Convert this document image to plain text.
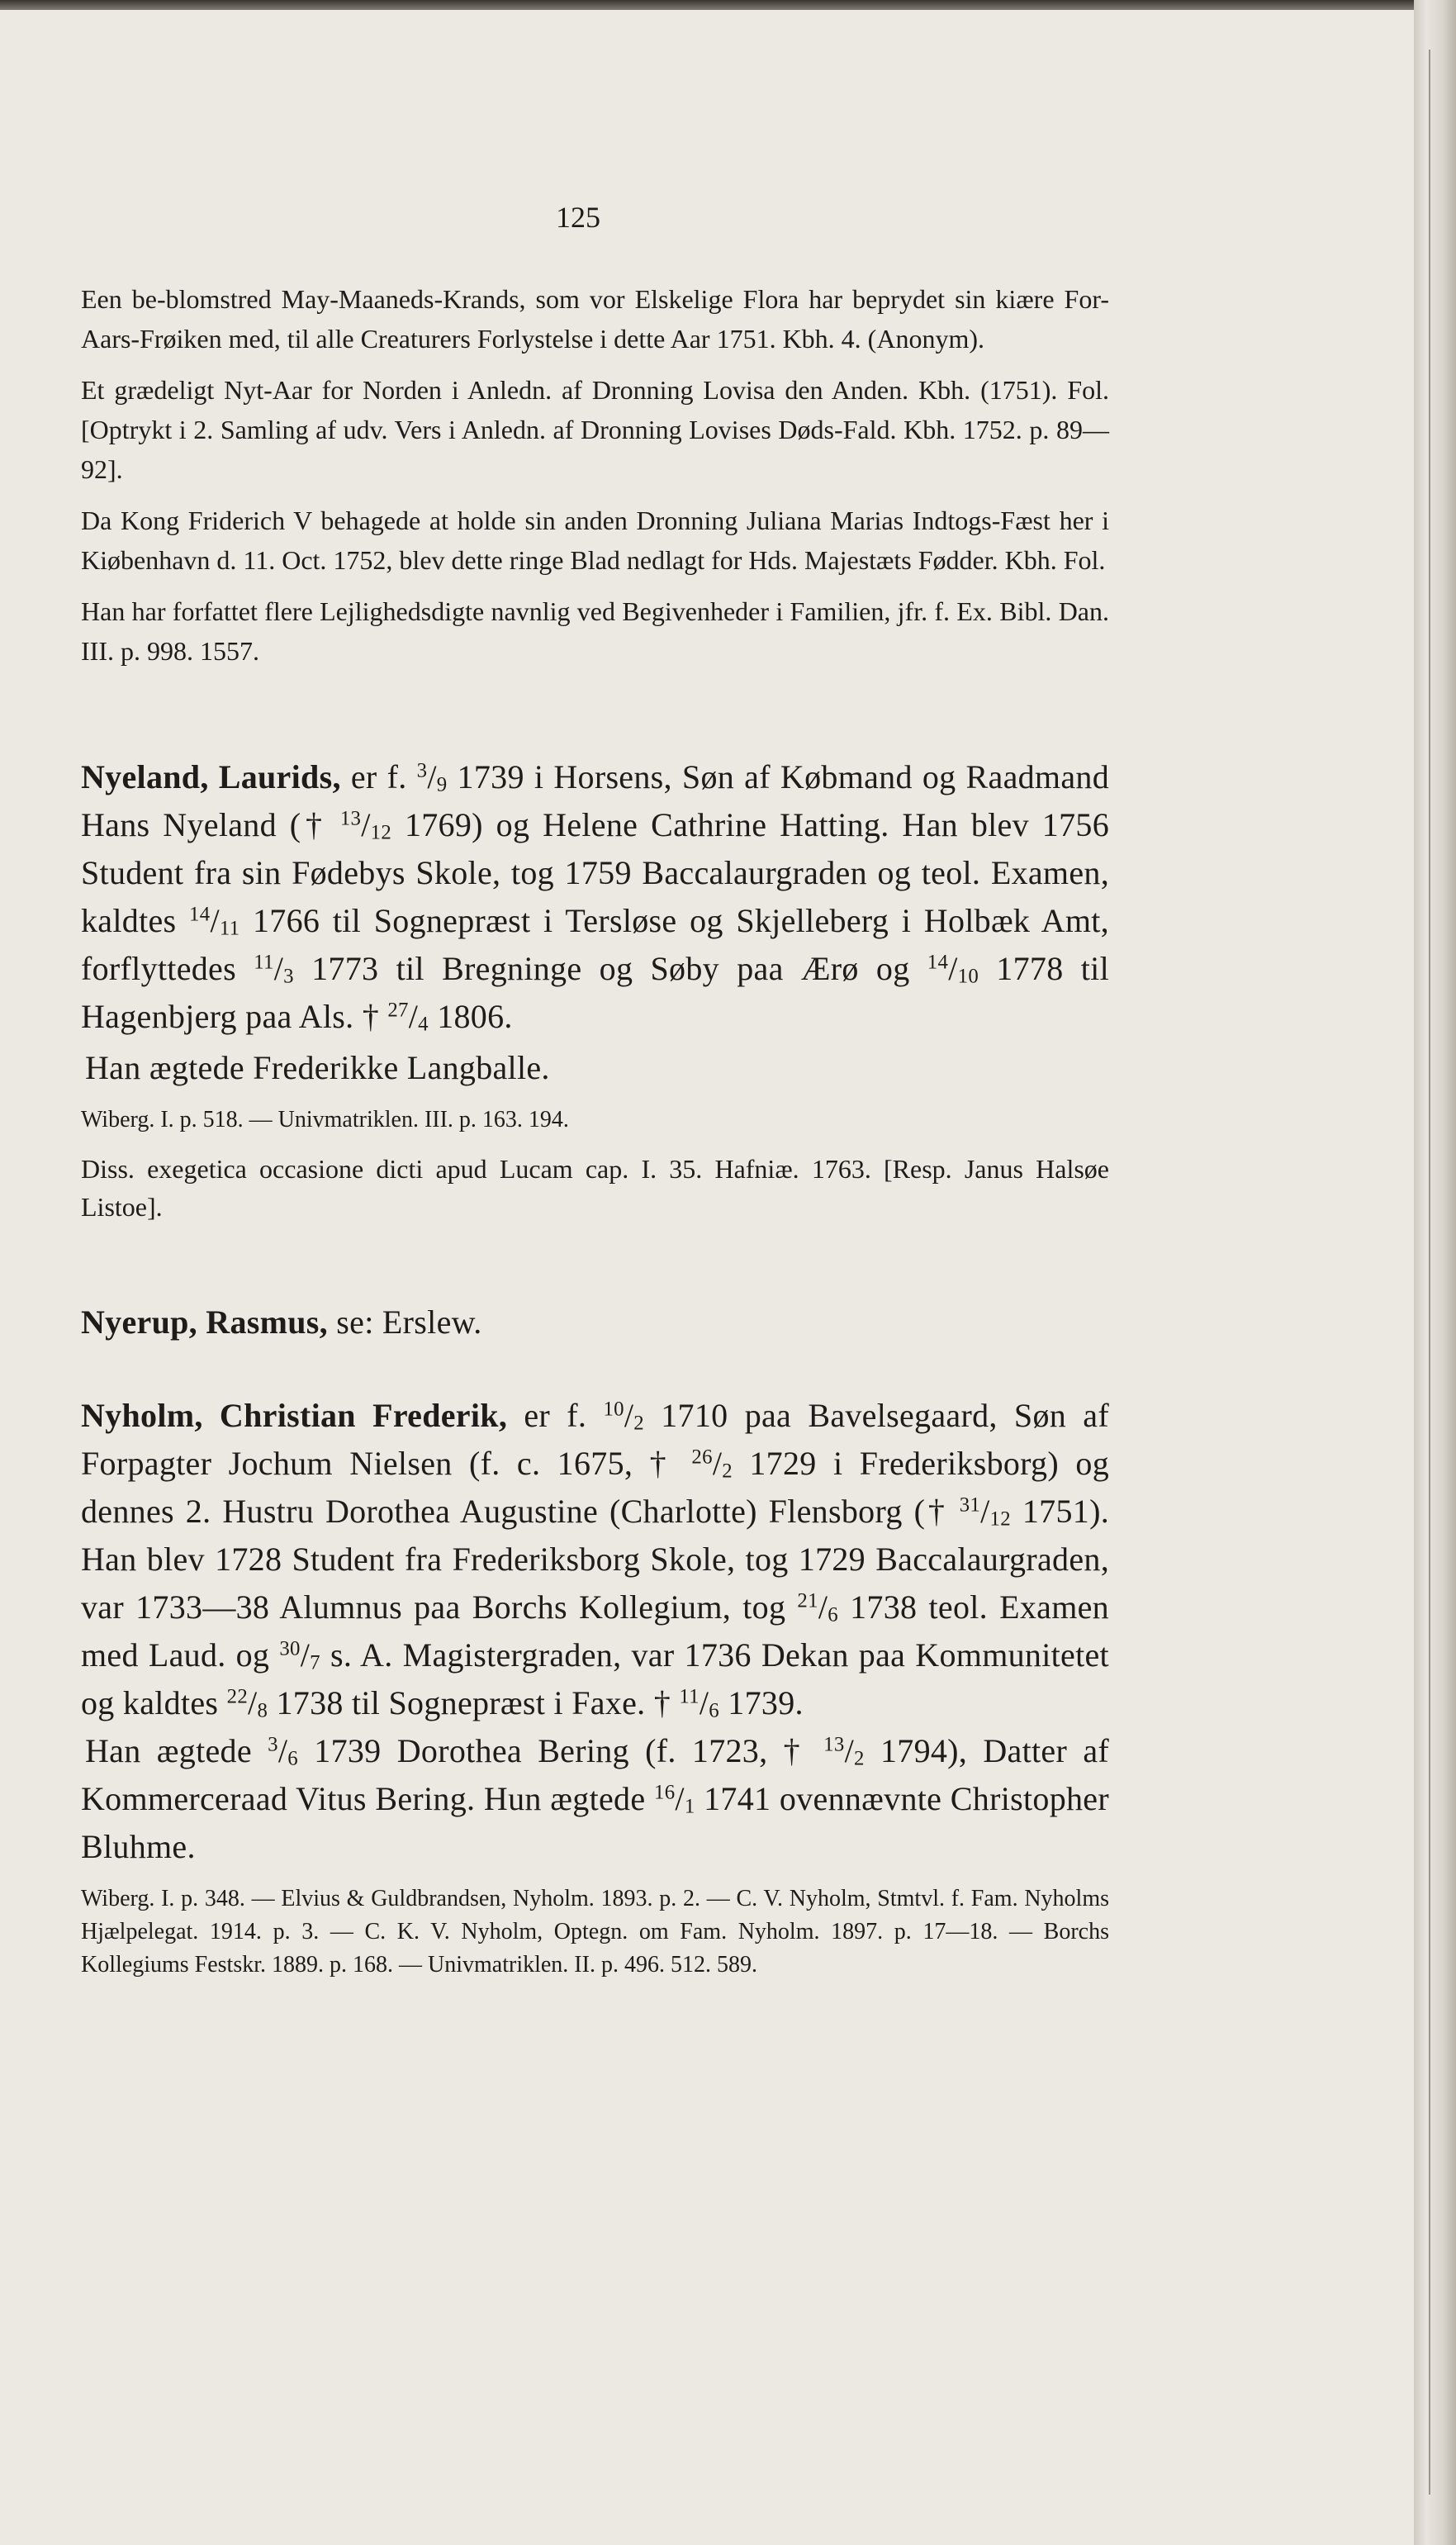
125

Een be-blomstred May-Maaneds-Krands, som vor Elskelige Flora har beprydet sin kiære For-Aars-Frøiken med, til alle Creaturers Forlystelse i dette Aar 1751. Kbh. 4. (Anonym).

Et grædeligt Nyt-Aar for Norden i Anledn. af Dronning Lovisa den Anden. Kbh. (1751). Fol. [Optrykt i 2. Samling af udv. Vers i Anledn. af Dronning Lovises Døds-Fald. Kbh. 1752. p. 89—92].

Da Kong Friderich V behagede at holde sin anden Dronning Juliana Marias Indtogs-Fæst her i Kiøbenhavn d. 11. Oct. 1752, blev dette ringe Blad nedlagt for Hds. Majestæts Fødder. Kbh. Fol.

Han har forfattet flere Lejlighedsdigte navnlig ved Begivenheder i Familien, jfr. f. Ex. Bibl. Dan. III. p. 998. 1557.

Nyeland, Laurids, er f. $^3/_9$ 1739 i Horsens, Søn af Købmand og Raadmand Hans Nyeland († $^{13}/_{12}$ 1769) og Helene Cathrine Hatting. Han blev 1756 Student fra sin Fødebys Skole, tog 1759 Baccalaurgraden og teol. Examen, kaldtes $^{14}/_{11}$ 1766 til Sognepræst i Tersløse og Skjelleberg i Holbæk Amt, forflyttedes $^{11}/_3$ 1773 til Bregninge og Søby paa Ærø og $^{14}/_{10}$ 1778 til Hagenbjerg paa Als. † $^{27}/_4$ 1806.

Han ægtede Frederikke Langballe.

Wiberg. I. p. 518. — Univmatriklen. III. p. 163. 194.
Diss. exegetica occasione dicti apud Lucam cap. I. 35. Hafniæ. 1763. [Resp. Janus Halsøe Listoe].
Nyerup, Rasmus, se: Erslew.

Nyholm, Christian Frederik, er f. $^{10}/_2$ 1710 paa Bavelsegaard, Søn af Forpagter Jochum Nielsen (f. c. 1675, † $^{26}/_2$ 1729 i Frederiksborg) og dennes 2. Hustru Dorothea Augustine (Charlotte) Flensborg († $^{31}/_{12}$ 1751). Han blev 1728 Student fra Frederiksborg Skole, tog 1729 Baccalaurgraden, var 1733—38 Alumnus paa Borchs Kollegium, tog $^{21}/_6$ 1738 teol. Examen med Laud. og $^{30}/_7$ s. A. Magistergraden, var 1736 Dekan paa Kommunitetet og kaldtes $^{22}/_8$ 1738 til Sognepræst i Faxe. † $^{11}/_6$ 1739.

Han ægtede $^3/_6$ 1739 Dorothea Bering (f. 1723, † $^{13}/_2$ 1794), Datter af Kommerceraad Vitus Bering. Hun ægtede $^{16}/_1$ 1741 ovennævnte Christopher Bluhme.

Wiberg. I. p. 348. — Elvius & Guldbrandsen, Nyholm. 1893. p. 2. — C. V. Nyholm, Stmtvl. f. Fam. Nyholms Hjælpelegat. 1914. p. 3. — C. K. V. Nyholm, Optegn. om Fam. Nyholm. 1897. p. 17—18. — Borchs Kollegiums Festskr. 1889. p. 168. — Univmatriklen. II. p. 496. 512. 589.
